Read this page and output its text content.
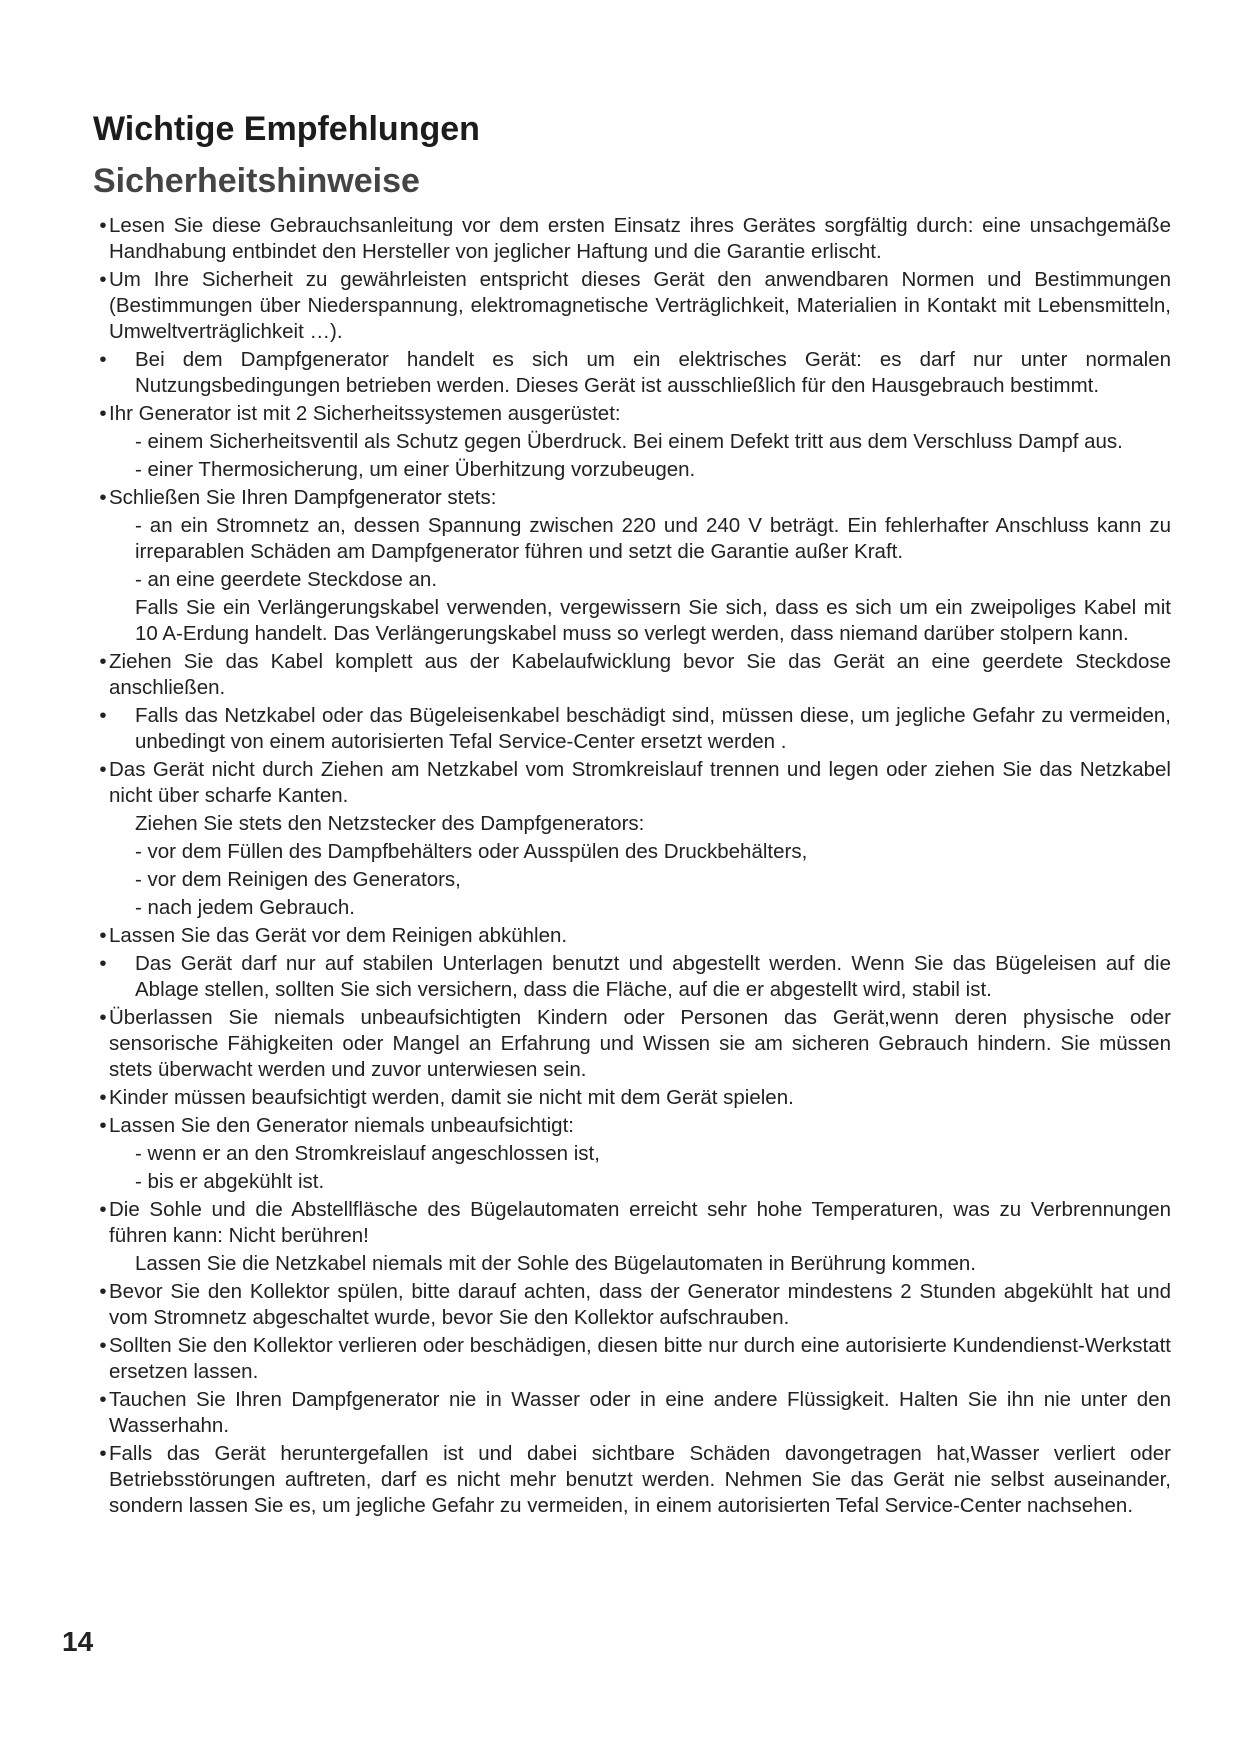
Wichtige Empfehlungen
Sicherheitshinweise
• Lesen Sie diese Gebrauchsanleitung vor dem ersten Einsatz ihres Gerätes sorgfältig durch: eine unsachgemäße Handhabung entbindet den Hersteller von jeglicher Haftung und die Garantie erlischt.
• Um Ihre Sicherheit zu gewährleisten entspricht dieses Gerät den anwendbaren Normen und Bestimmungen (Bestimmungen über Niederspannung, elektromagnetische Verträglichkeit, Materialien in Kontakt mit Lebensmitteln, Umweltverträglichkeit …).
• Bei dem Dampfgenerator handelt es sich um ein elektrisches Gerät: es darf nur unter normalen Nutzungsbedingungen betrieben werden. Dieses Gerät ist ausschließlich für den Hausgebrauch bestimmt.
• Ihr Generator ist mit 2 Sicherheitssystemen ausgerüstet:
- einem Sicherheitsventil als Schutz gegen Überdruck. Bei einem Defekt tritt aus dem Verschluss Dampf aus.
- einer Thermosicherung, um einer Überhitzung vorzubeugen.
• Schließen Sie Ihren Dampfgenerator stets:
- an ein Stromnetz an, dessen Spannung zwischen 220 und 240 V beträgt. Ein fehlerhafter Anschluss kann zu irreparablen Schäden am Dampfgenerator führen und setzt die Garantie außer Kraft.
- an eine geerdete Steckdose an.
Falls Sie ein Verlängerungskabel verwenden, vergewissern Sie sich, dass es sich um ein zweipoliges Kabel mit 10 A-Erdung handelt. Das Verlängerungskabel muss so verlegt werden, dass niemand darüber stolpern kann.
• Ziehen Sie das Kabel komplett aus der Kabelaufwicklung bevor Sie das Gerät an eine geerdete Steckdose anschließen.
• Falls das Netzkabel oder das Bügeleisenkabel beschädigt sind, müssen diese, um jegliche Gefahr zu vermeiden, unbedingt von einem autorisierten Tefal Service-Center ersetzt werden .
• Das Gerät nicht durch Ziehen am Netzkabel vom Stromkreislauf trennen und legen oder ziehen Sie das Netzkabel nicht über scharfe Kanten.
Ziehen Sie stets den Netzstecker des Dampfgenerators:
- vor dem Füllen des Dampfbehälters oder Ausspülen des Druckbehälters,
- vor dem Reinigen des Generators,
- nach jedem Gebrauch.
• Lassen Sie das Gerät vor dem Reinigen abkühlen.
• Das Gerät darf nur auf stabilen Unterlagen benutzt und abgestellt werden. Wenn Sie das Bügeleisen auf die Ablage stellen, sollten Sie sich versichern, dass die Fläche, auf die er abgestellt wird, stabil ist.
• Überlassen Sie niemals unbeaufsichtigten Kindern oder Personen das Gerät,wenn deren physische oder sensorische Fähigkeiten oder Mangel an Erfahrung und Wissen sie am sicheren Gebrauch hindern. Sie müssen stets überwacht werden und zuvor unterwiesen sein.
• Kinder müssen beaufsichtigt werden, damit sie nicht mit dem Gerät spielen.
• Lassen Sie den Generator niemals unbeaufsichtigt:
- wenn er an den Stromkreislauf angeschlossen ist,
- bis er abgekühlt ist.
• Die Sohle und die Abstellfläsche des Bügelautomaten erreicht sehr hohe Temperaturen, was zu Verbrennungen führen kann: Nicht berühren!
Lassen Sie die Netzkabel niemals mit der Sohle des Bügelautomaten in Berührung kommen.
• Bevor Sie den Kollektor spülen, bitte darauf achten, dass der Generator mindestens 2 Stunden abgekühlt hat und vom Stromnetz abgeschaltet wurde, bevor Sie den Kollektor aufschrauben.
• Sollten Sie den Kollektor verlieren oder beschädigen, diesen bitte nur durch eine autorisierte Kundendienst-Werkstatt ersetzen lassen.
• Tauchen Sie Ihren Dampfgenerator nie in Wasser oder in eine andere Flüssigkeit. Halten Sie ihn nie unter den Wasserhahn.
• Falls das Gerät heruntergefallen ist und dabei sichtbare Schäden davongetragen hat,Wasser verliert oder Betriebsstörungen auftreten, darf es nicht mehr benutzt werden. Nehmen Sie das Gerät nie selbst auseinander, sondern lassen Sie es, um jegliche Gefahr zu vermeiden, in einem autorisierten Tefal Service-Center nachsehen.
14
